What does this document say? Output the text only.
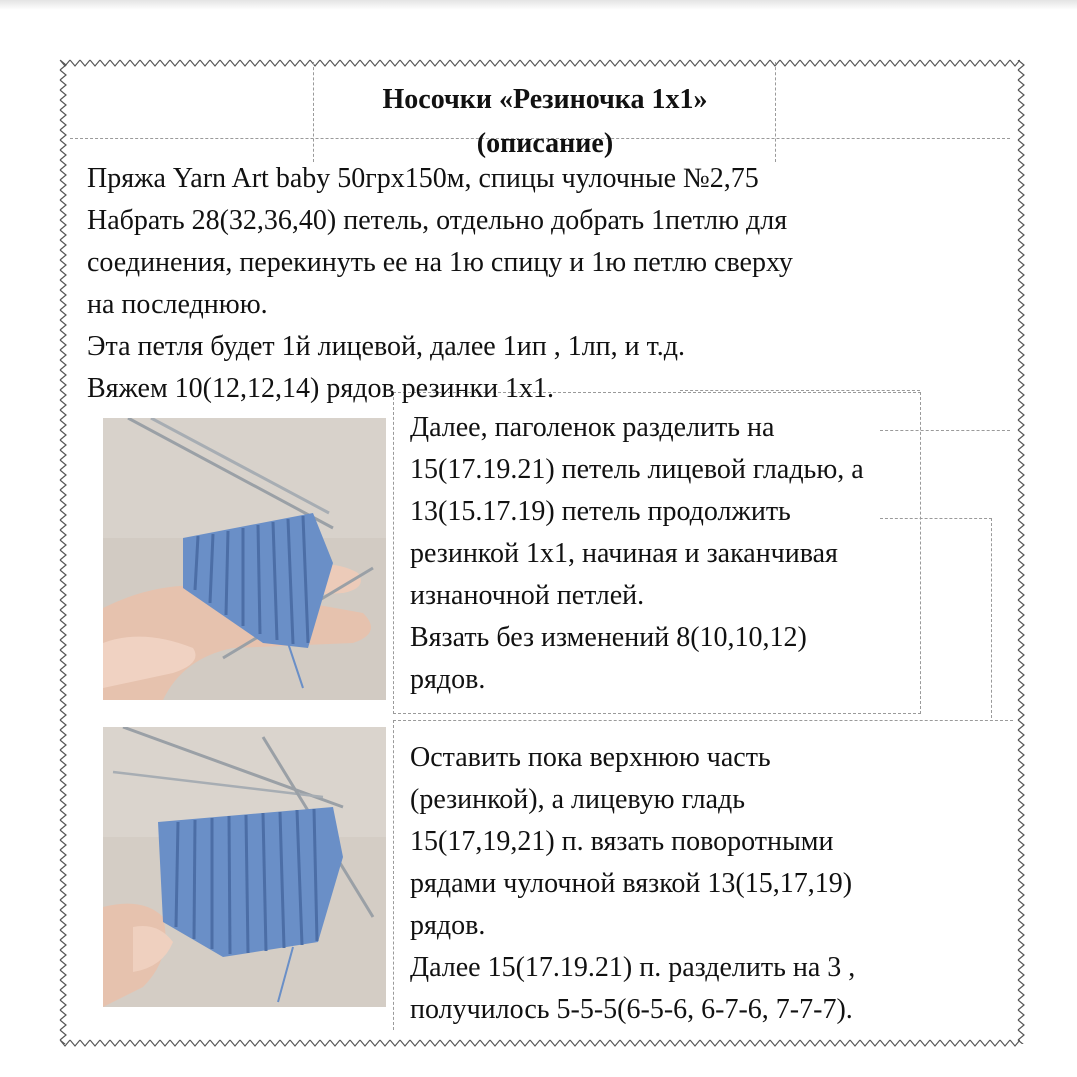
Носочки «Резиночка 1х1»
(описание)

Пряжа Yarn Art baby 50грх150м, спицы чулочные №2,75

Набрать 28(32,36,40) петель, отдельно добрать 1петлю для

соединения, перекинуть ее на 1ю спицу и 1ю петлю сверху

на последнюю.

Эта петля будет 1й лицевой, далее 1ип , 1лп, и т.д.

Вяжем 10(12,12,14) рядов резинки 1х1.

Далее, паголенок разделить на

15(17.19.21) петель лицевой гладью, а

13(15.17.19) петель продолжить

резинкой 1х1, начиная и заканчивая

изнаночной петлей.

Вязать без изменений 8(10,10,12)

рядов.

Оставить пока верхнюю часть

(резинкой), а лицевую гладь

15(17,19,21) п. вязать поворотными

рядами чулочной вязкой 13(15,17,19)

рядов.

Далее 15(17.19.21) п. разделить на 3 ,

получилось 5-5-5(6-5-6, 6-7-6, 7-7-7).
